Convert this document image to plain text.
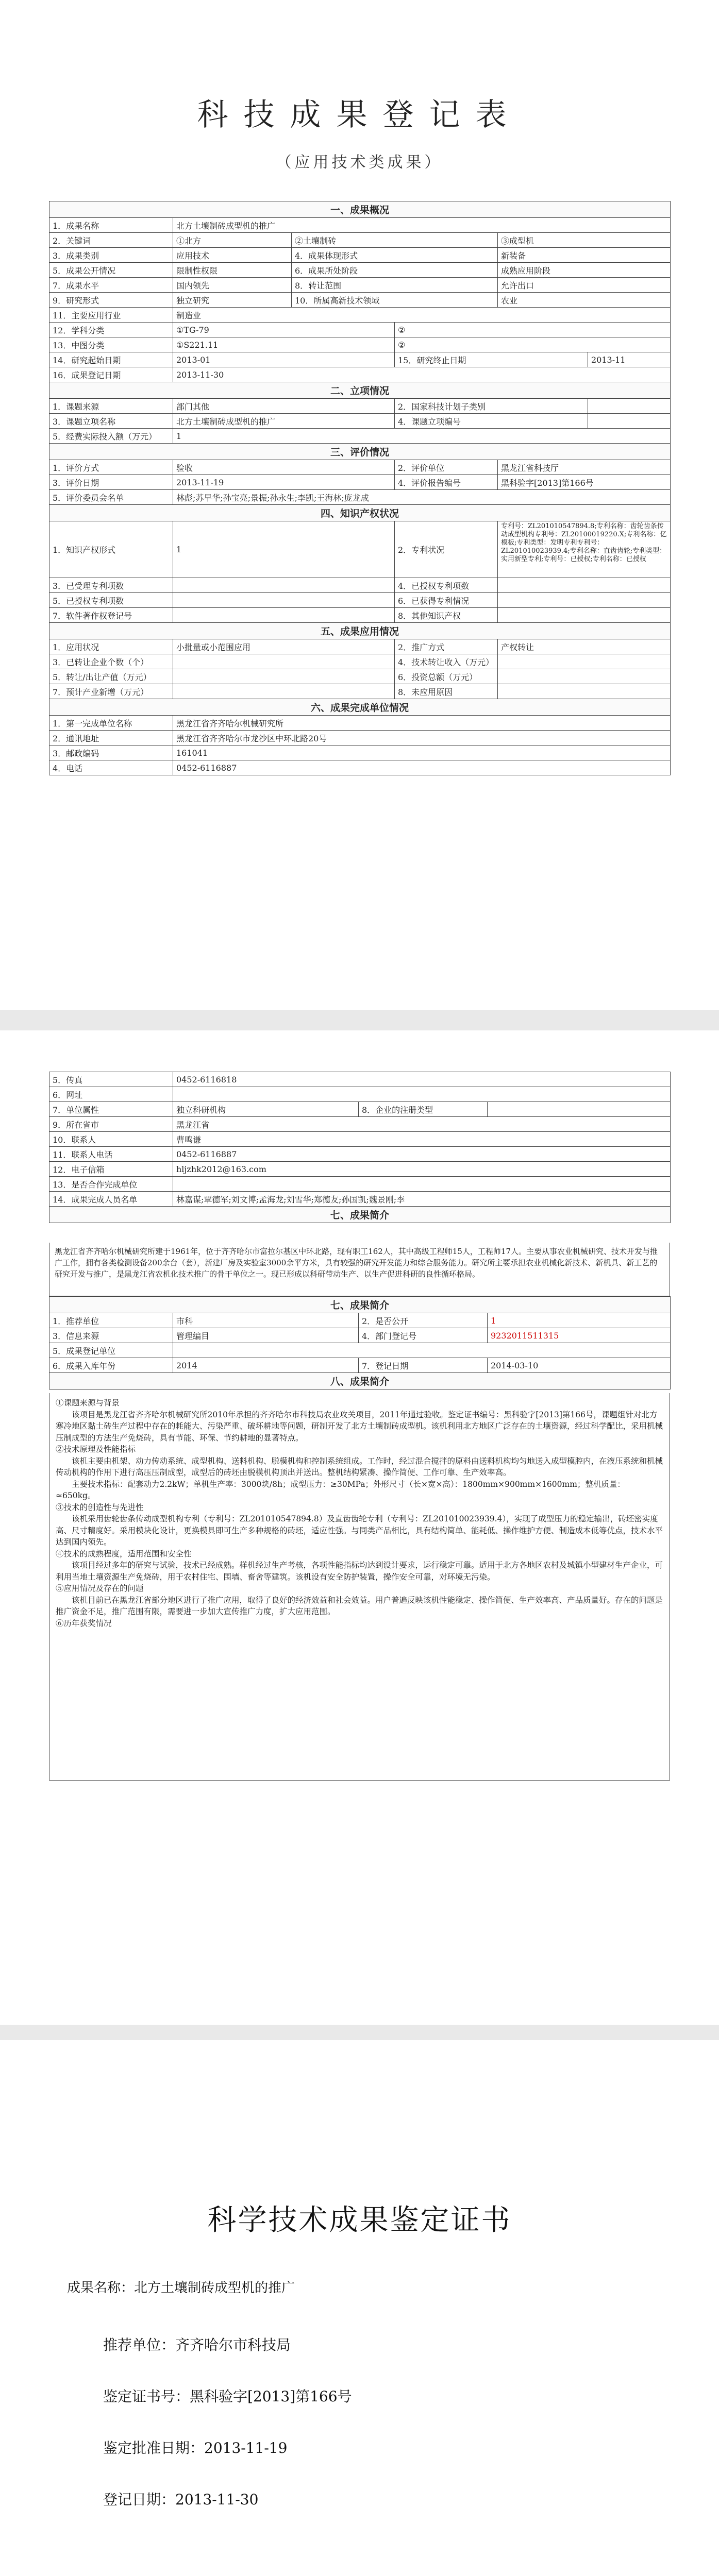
科技成果登记表
（应用技术类成果）
一、成果概况					
1．成果名称	北方土壤制砖成型机的推广				
2．关键词	①北方	②土壤制砖		③成型机	
3．成果类别	应用技术	4．成果体现形式		新装备	
5．成果公开情况	限制性权限	6．成果所处阶段		成熟应用阶段	
7．成果水平	国内领先	8．转让范围		允许出口	
9．研究形式	独立研究	10．所属高新技术领域		农业	
11．主要应用行业	制造业				
12．学科分类	①TG-79		②		
13．中图分类	①S221.11		②		
14．研究起始日期	2013-01		15．研究终止日期		2013-11
16．成果登记日期	2013-11-30				
二、立项情况					
1．课题来源	部门其他		2．国家科技计划子类别		
3．课题立项名称	北方土壤制砖成型机的推广		4．课题立项编号		
5．经费实际投入额（万元）	1				
三、评价情况					
1．评价方式	验收		2．评价单位	黑龙江省科技厅	
3．评价日期	2013-11-19		4．评价报告编号	黑科验字[2013]第166号	
5．评价委员会名单	林彪;苏早华;孙宝亮;景振;孙永生;李凯;王海林;庞龙成				
四、知识产权状况					
1．知识产权形式	1		2．专利状况	专利号：ZL201010547894.8;专利名称：齿轮齿条传动成型机构专利号：ZL20100019220.X;专利名称：亿模板;专利类型：发明专利专利号：ZL201010023939.4;专利名称：直齿齿轮;专利类型：实用新型专利;专利号：已授权;专利名称：已授权	
3．已受理专利项数			4．已授权专利项数		
5．已授权专利项数			6．已获得专利情况		
7．软件著作权登记号			8．其他知识产权		
五、成果应用情况					
1．应用状况	小批量或小范围应用		2．推广方式	产权转让	
3．已转让企业个数（个）			4．技术转让收入（万元）		
5．转让/出让产值（万元）			6．投资总额（万元）		
7．预计产业新增（万元）			8．未应用原因		
六、成果完成单位情况					
1．第一完成单位名称	黑龙江省齐齐哈尔机械研究所				
2．通讯地址	黑龙江省齐齐哈尔市龙沙区中环北路20号				
3．邮政编码	161041				
4．电话	0452-6116887				
5．传真	0452-6116818		
6．网址			
7．单位属性	独立科研机构	8．企业的注册类型	
9．所在省市	黑龙江省		
10．联系人	曹鸣谦		
11．联系人电话	0452-6116887		
12．电子信箱	hljzhk2012@163.com		
13．是否合作完成单位			
14．成果完成人员名单	林嘉谋;覃德军;刘文博;孟海龙;刘雪华;郑德友;孙国凯;魏景刚;李		
七、成果简介			
黑龙江省齐齐哈尔机械研究所建于1961年，位于齐齐哈尔市富拉尔基区中环北路，现有职工162人，其中高级工程师15人，工程师17人。主要从事农业机械研究、技术开发与推广工作，拥有各类检测设备200余台（套），新建厂房及实验室3000余平方米，具有较强的研究开发能力和综合服务能力。研究所主要承担农业机械化新技术、新机具、新工艺的研究开发与推广，是黑龙江省农机化技术推广的骨干单位之一。现已形成以科研带动生产、以生产促进科研的良性循环格局。
七、成果简介			
1．推荐单位	市科	2．是否公开	1
3．信息来源	管理编目	4．部门登记号	9232011511315
5．成果登记单位			
6．成果入库年份	2014	7．登记日期	2014-03-10
八、成果简介			

①课题来源与背景

　　该项目是黑龙江省齐齐哈尔机械研究所2010年承担的齐齐哈尔市科技局农业攻关项目，2011年通过验收。鉴定证书编号：黑科验字[2013]第166号，课题组针对北方寒冷地区黏土砖生产过程中存在的耗能大、污染严重、破坏耕地等问题，研制开发了北方土壤制砖成型机。该机利用北方地区广泛存在的土壤资源，经过科学配比，采用机械压制成型的方法生产免烧砖，具有节能、环保、节约耕地的显著特点。

②技术原理及性能指标

　　该机主要由机架、动力传动系统、成型机构、送料机构、脱模机构和控制系统组成。工作时，经过混合搅拌的原料由送料机构均匀地送入成型模腔内，在液压系统和机械传动机构的作用下进行高压压制成型，成型后的砖坯由脱模机构顶出并送出。整机结构紧凑、操作简便、工作可靠、生产效率高。

　　主要技术指标：配套动力2.2kW；单机生产率：3000块/8h；成型压力：≥30MPa；外形尺寸（长×宽×高）：1800mm×900mm×1600mm；整机质量：≈650kg。

③技术的创造性与先进性

　　该机采用齿轮齿条传动成型机构专利（专利号：ZL201010547894.8）及直齿齿轮专利（专利号：ZL201010023939.4），实现了成型压力的稳定输出，砖坯密实度高、尺寸精度好。采用模块化设计，更换模具即可生产多种规格的砖坯，适应性强。与同类产品相比，具有结构简单、能耗低、操作维护方便、制造成本低等优点，技术水平达到国内领先。

④技术的成熟程度，适用范围和安全性

　　该项目经过多年的研究与试验，技术已经成熟。样机经过生产考核，各项性能指标均达到设计要求，运行稳定可靠。适用于北方各地区农村及城镇小型建材生产企业，可利用当地土壤资源生产免烧砖，用于农村住宅、围墙、畜舍等建筑。该机设有安全防护装置，操作安全可靠，对环境无污染。

⑤应用情况及存在的问题

　　该机目前已在黑龙江省部分地区进行了推广应用，取得了良好的经济效益和社会效益。用户普遍反映该机性能稳定、操作简便、生产效率高、产品质量好。存在的问题是推广资金不足，推广范围有限，需要进一步加大宣传推广力度，扩大应用范围。

⑥历年获奖情况

科学技术成果鉴定证书
成果名称：北方土壤制砖成型机的推广
推荐单位：齐齐哈尔市科技局
鉴定证书号：黑科验字[2013]第166号
鉴定批准日期：2013-11-19
登记日期：2013-11-30
